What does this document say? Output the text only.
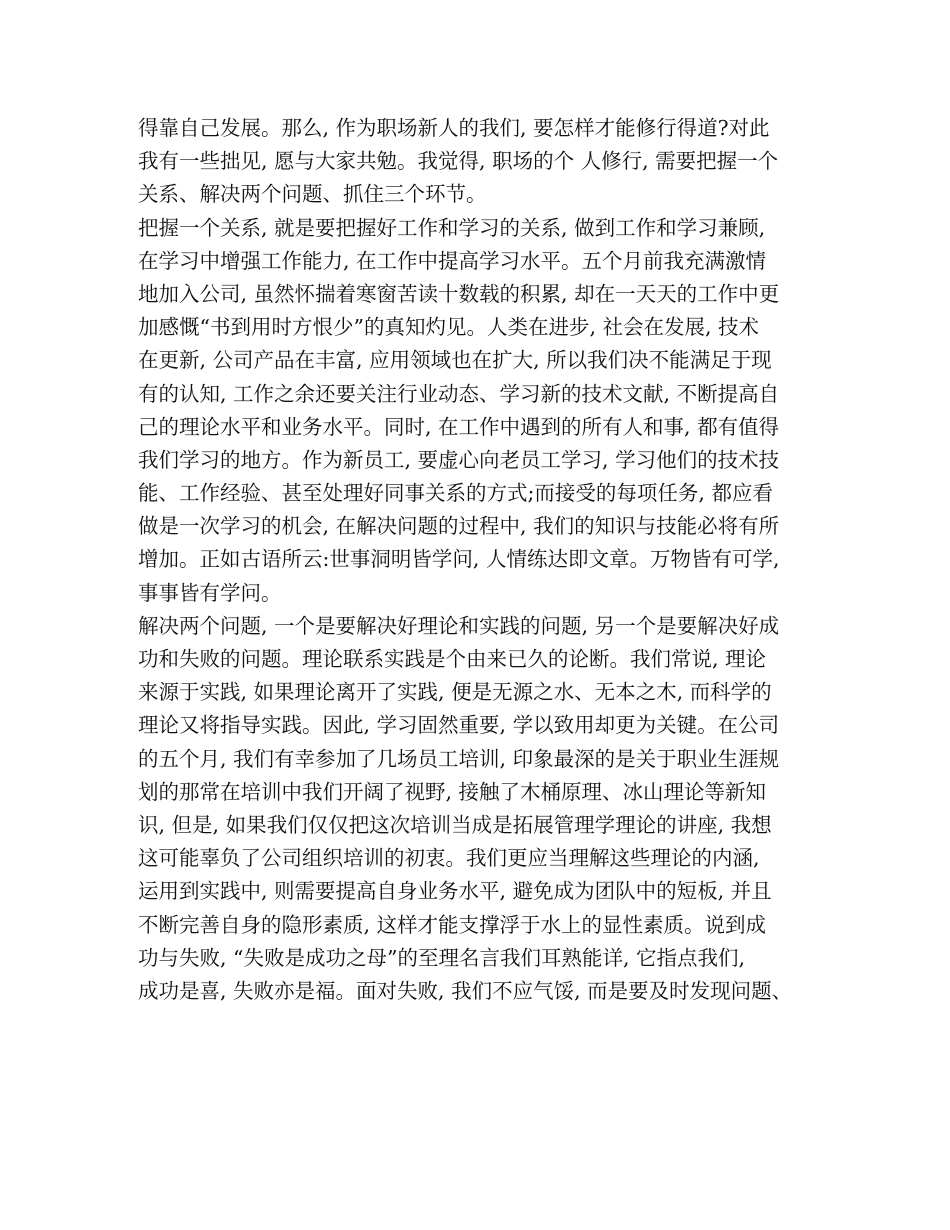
得靠自己发展。那么, 作为职场新人的我们, 要怎样才能修行得道?对此
我有一些拙见, 愿与大家共勉。我觉得, 职场的个 人修行, 需要把握一个
关系、解决两个问题、抓住三个环节。
把握一个关系, 就是要把握好工作和学习的关系, 做到工作和学习兼顾,
在学习中增强工作能力, 在工作中提高学习水平。五个月前我充满激情
地加入公司, 虽然怀揣着寒窗苦读十数载的积累, 却在一天天的工作中更
加感慨“书到用时方恨少”的真知灼见。人类在进步, 社会在发展, 技术
在更新, 公司产品在丰富, 应用领域也在扩大, 所以我们决不能满足于现
有的认知, 工作之余还要关注行业动态、学习新的技术文献, 不断提高自
己的理论水平和业务水平。同时, 在工作中遇到的所有人和事, 都有值得
我们学习的地方。作为新员工, 要虚心向老员工学习, 学习他们的技术技
能、工作经验、甚至处理好同事关系的方式;而接受的每项任务, 都应看
做是一次学习的机会, 在解决问题的过程中, 我们的知识与技能必将有所
增加。正如古语所云:世事洞明皆学问, 人情练达即文章。万物皆有可学,
事事皆有学问。
解决两个问题, 一个是要解决好理论和实践的问题, 另一个是要解决好成
功和失败的问题。理论联系实践是个由来已久的论断。我们常说, 理论
来源于实践, 如果理论离开了实践, 便是无源之水、无本之木, 而科学的
理论又将指导实践。因此, 学习固然重要, 学以致用却更为关键。在公司
的五个月, 我们有幸参加了几场员工培训, 印象最深的是关于职业生涯规
划的那常在培训中我们开阔了视野, 接触了木桶原理、冰山理论等新知
识, 但是, 如果我们仅仅把这次培训当成是拓展管理学理论的讲座, 我想
这可能辜负了公司组织培训的初衷。我们更应当理解这些理论的内涵,
运用到实践中, 则需要提高自身业务水平, 避免成为团队中的短板, 并且
不断完善自身的隐形素质, 这样才能支撑浮于水上的显性素质。说到成
功与失败, “失败是成功之母”的至理名言我们耳熟能详, 它指点我们,
成功是喜, 失败亦是福。面对失败, 我们不应气馁, 而是要及时发现问题、
